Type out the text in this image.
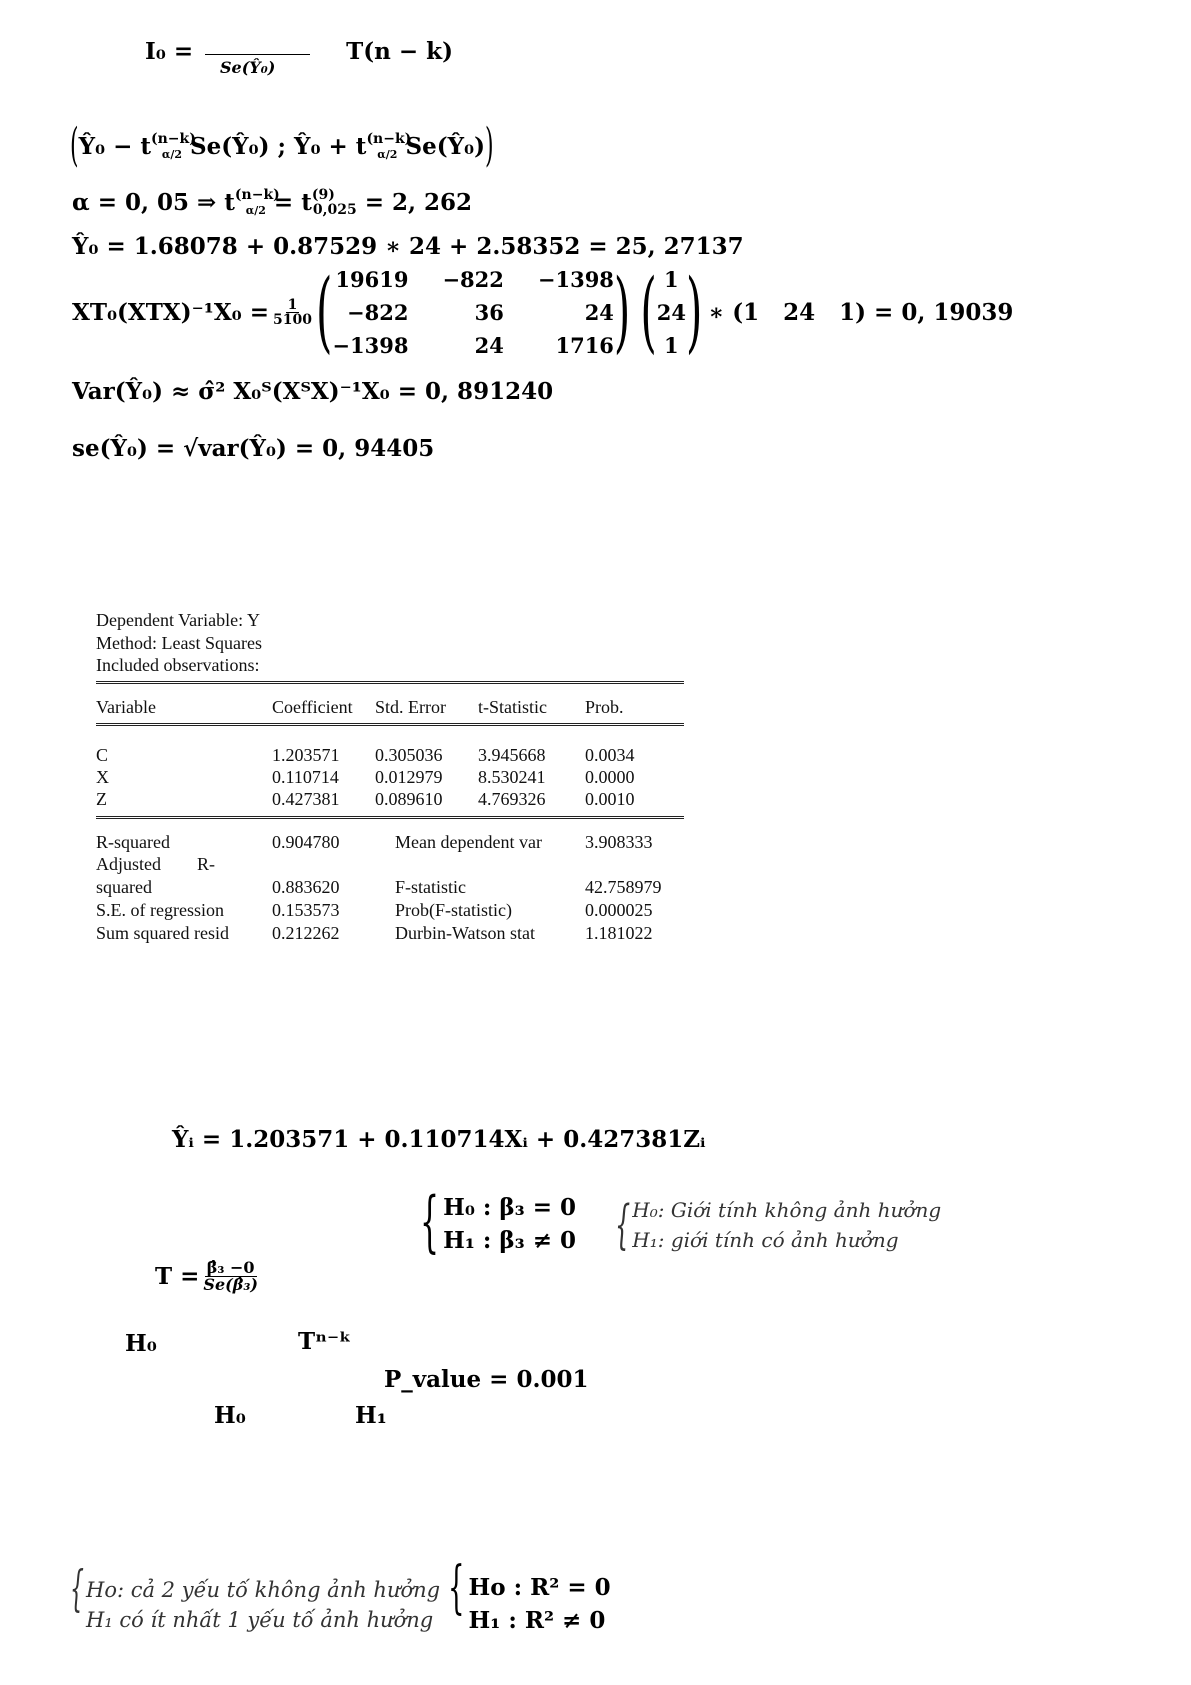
I₀ =	T(n − k)
Se(Ŷ₀)
(Ŷ₀ − $t^{(n-k)}_{\alpha/2}$ Se(Ŷ₀) ; Ŷ₀ + $t^{(n-k)}_{\alpha/2}$ Se(Ŷ₀))
α = 0, 05 ⇒ $t^{(n-k)}_{\alpha/2} = t^{(9)}_{0,025} = 2$, 262
Ŷ₀ = 1.68078 + 0.87529 ∗ 24 + 2.58352 = 25, 27137
$XT_0(XTX)^{-1}X_0 = \frac{1}{5100}$ ( 19619 −822 −1398
−822	36	24
−1398	24	1716 ) ( 1
24
1 ) ∗ (1   24   1) = 0, 19039
Var(Ŷ₀) ≈ σ̂² X₀ᵀ(XᵀX)⁻¹X₀ = 0, 891240
se(Ŷ₀) = √var(Ŷ₀) = 0, 94405
Dependent Variable: Y
Method: Least Squares
Included observations:
Variable	Coefficient Std. Error t-Statistic Prob.
C	1.203571 0.305036 3.945668 0.0034
X	0.110714 0.012979 8.530241 0.0000
Z	0.427381 0.089610 4.769326 0.0010
R-squared	0.904780	Mean dependent var 3.908333
Adjusted        R-
squared	0.883620	F-statistic	42.758979
S.E. of regression	0.153573	Prob(F-statistic)	0.000025
Sum squared resid 0.212262	Durbin-Watson stat	1.181022
Ŷᵢ = 1.203571 + 0.110714Xᵢ + 0.427381Zᵢ
{ H₀ : β₃ = 0
H₁ : β₃ ≠ 0 { H₀: Giới tính không ảnh hưởng
H₁: giới tính có ảnh hưởng
$T = \frac{\text{β̂₃ −0}}{\text{Se(β̂₃)}}$
H₀	Tⁿ⁻ᵏ
P_value = 0.001
H₀	H₁
{ Ho: cả 2 yếu tố không ảnh hưởng
H₁ có ít nhất 1 yếu tố ảnh hưởng { Ho : R² = 0
H₁ : R² ≠ 0
